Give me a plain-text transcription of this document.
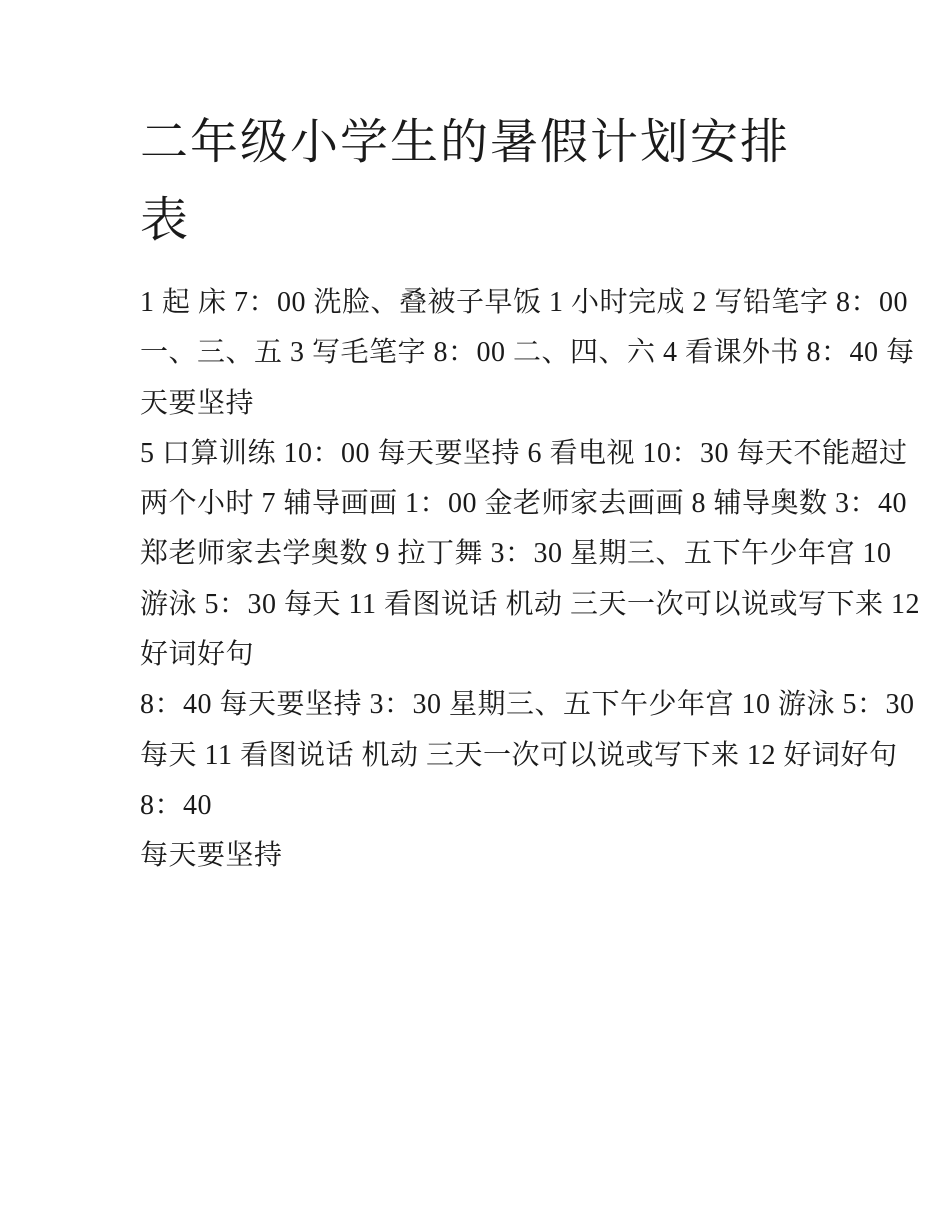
二年级小学生的暑假计划安排
表
1 起 床 7：00 洗脸、叠被子早饭 1 小时完成 2 写铅笔字 8：00
一、三、五 3 写毛笔字 8：00 二、四、六 4 看课外书 8：40 每
天要坚持
5 口算训练 10：00 每天要坚持 6 看电视 10：30 每天不能超过
两个小时 7 辅导画画 1：00 金老师家去画画 8 辅导奥数 3：40
郑老师家去学奥数 9 拉丁舞 3：30 星期三、五下午少年宫 10
游泳 5：30 每天 11 看图说话 机动 三天一次可以说或写下来 12
好词好句
8：40 每天要坚持 3：30 星期三、五下午少年宫 10 游泳 5：30
每天 11 看图说话 机动 三天一次可以说或写下来 12 好词好句
8：40
每天要坚持
